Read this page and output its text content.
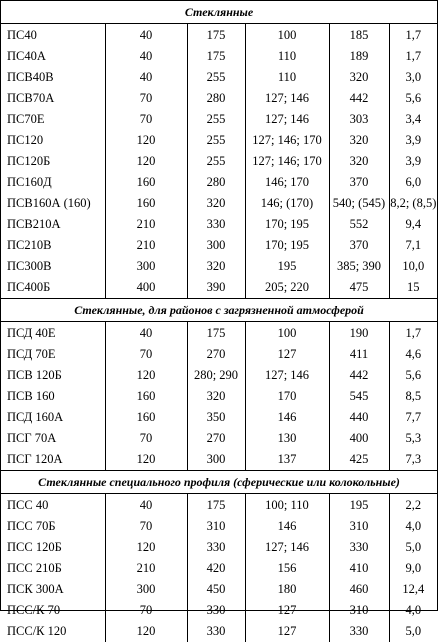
Стеклянные					
ПС40	40	175	100	185	1,7
ПС40А	40	175	110	189	1,7
ПСВ40В	40	255	110	320	3,0
ПСВ70А	70	280	127; 146	442	5,6
ПС70Е	70	255	127; 146	303	3,4
ПС120	120	255	127; 146; 170	320	3,9
ПС120Б	120	255	127; 146; 170	320	3,9
ПС160Д	160	280	146; 170	370	6,0
ПСВ160А (160)	160	320	146; (170)	540; (545)	8,2; (8,5)
ПСВ210А	210	330	170; 195	552	9,4
ПС210В	210	300	170; 195	370	7,1
ПС300В	300	320	195	385; 390	10,0
ПС400Б	400	390	205; 220	475	15
Стеклянные, для районов с загрязненной атмосферой					
ПСД 40Е	40	175	100	190	1,7
ПСД 70Е	70	270	127	411	4,6
ПСВ 120Б	120	280; 290	127; 146	442	5,6
ПСВ 160	160	320	170	545	8,5
ПСД 160А	160	350	146	440	7,7
ПСГ 70А	70	270	130	400	5,3
ПСГ 120А	120	300	137	425	7,3
Стеклянные специального профиля (сферические или колокольные)					
ПСС 40	40	175	100; 110	195	2,2
ПСС 70Б	70	310	146	310	4,0
ПСС 120Б	120	330	127; 146	330	5,0
ПСС 210Б	210	420	156	410	9,0
ПСК 300А	300	450	180	460	12,4
ПСС/К 70	70	330	127	310	4,0
ПСС/К 120	120	330	127	330	5,0
